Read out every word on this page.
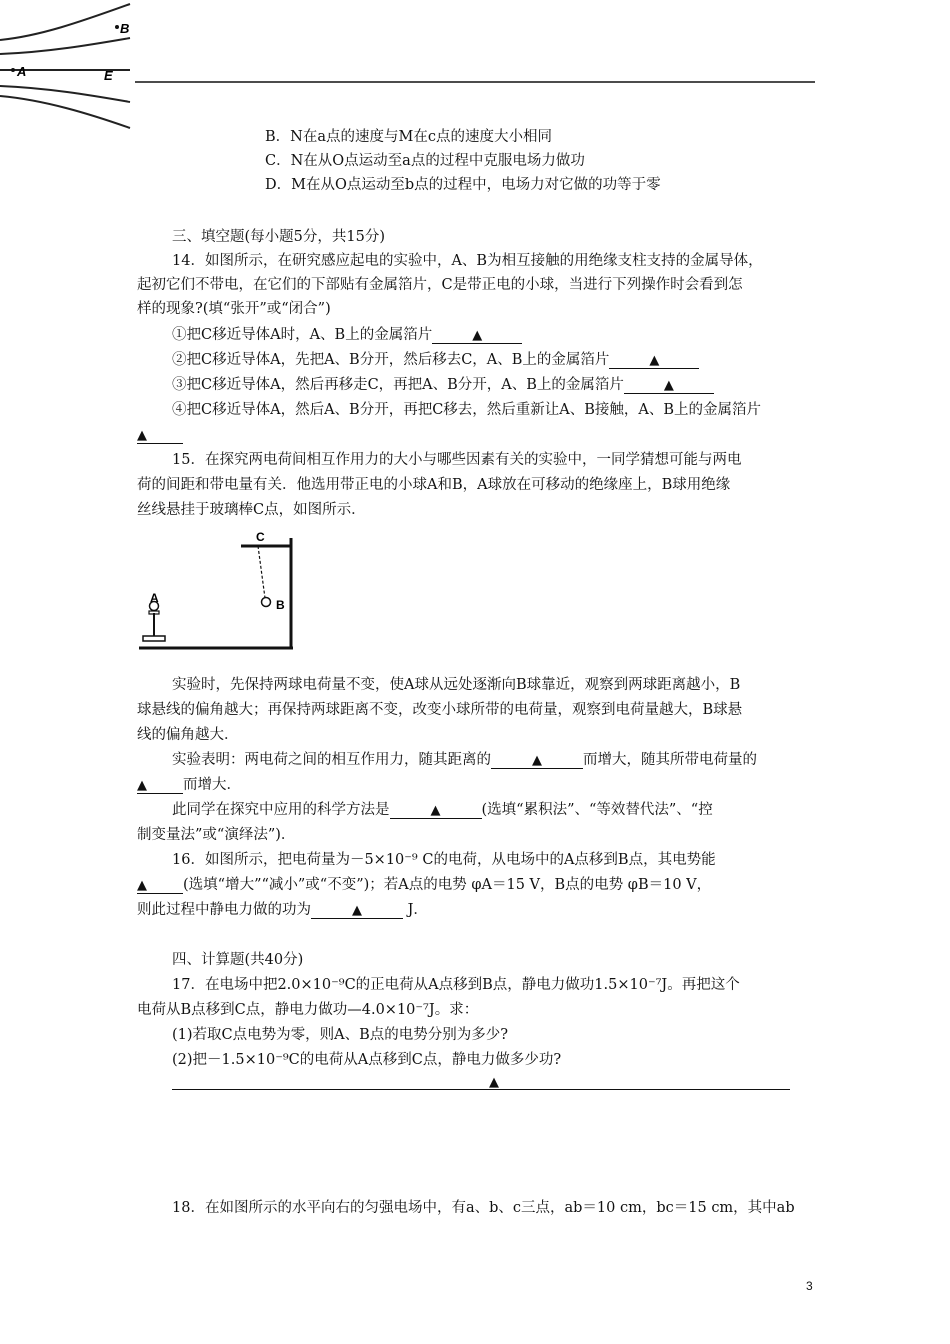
B
A	E
B．N在a点的速度与M在c点的速度大小相同
C．N在从O点运动至a点的过程中克服电场力做功
D．M在从O点运动至b点的过程中，电场力对它做的功等于零
三、填空题(每小题5分，共15分)
14．如图所示，在研究感应起电的实验中，A、B为相互接触的用绝缘支柱支持的金属导体，
起初它们不带电，在它们的下部贴有金属箔片，C是带正电的小球，当进行下列操作时会看到怎
样的现象?(填“张开”或“闭合”)
①把C移近导体A时，A、B上的金属箔片	▲
②把C移近导体A，先把A、B分开，然后移去C，A、B上的金属箔片	▲
③把C移近导体A，然后再移走C，再把A、B分开，A、B上的金属箔片	▲
④把C移近导体A，然后A、B分开，再把C移去，然后重新让A、B接触，A、B上的金属箔片
▲
15．在探究两电荷间相互作用力的大小与哪些因素有关的实验中，一同学猜想可能与两电
荷的间距和带电量有关．他选用带正电的小球A和B，A球放在可移动的绝缘座上，B球用绝缘
丝线悬挂于玻璃棒C点，如图所示．
A	B
C
实验时，先保持两球电荷量不变，使A球从远处逐渐向B球靠近，观察到两球距离越小，B
球悬线的偏角越大；再保持两球距离不变，改变小球所带的电荷量，观察到电荷量越大，B球悬
线的偏角越大．
实验表明：两电荷之间的相互作用力，随其距离的	▲	而增大，随其所带电荷量的
▲ 而增大．
此同学在探究中应用的科学方法是	▲	(选填“累积法”、“等效替代法”、“控
制变量法”或“演绎法”)．
16．如图所示，把电荷量为－5×10⁻⁹ C的电荷，从电场中的A点移到B点，其电势能
▲ (选填“增大”“减小”或“不变”)；若A点的电势 φA＝15 V，B点的电势 φB＝10 V，
则此过程中静电力做的功为	▲	J．
四、计算题(共40分)
17．在电场中把2.0×10⁻⁹C的正电荷从A点移到B点，静电力做功1.5×10⁻⁷J。再把这个
电荷从B点移到C点，静电力做功—4.0×10⁻⁷J。求：
(1)若取C点电势为零，则A、B点的电势分别为多少?
(2)把－1.5×10⁻⁹C的电荷从A点移到C点，静电力做多少功?
▲
18．在如图所示的水平向右的匀强电场中，有a、b、c三点，ab＝10 cm，bc＝15 cm，其中ab
3
